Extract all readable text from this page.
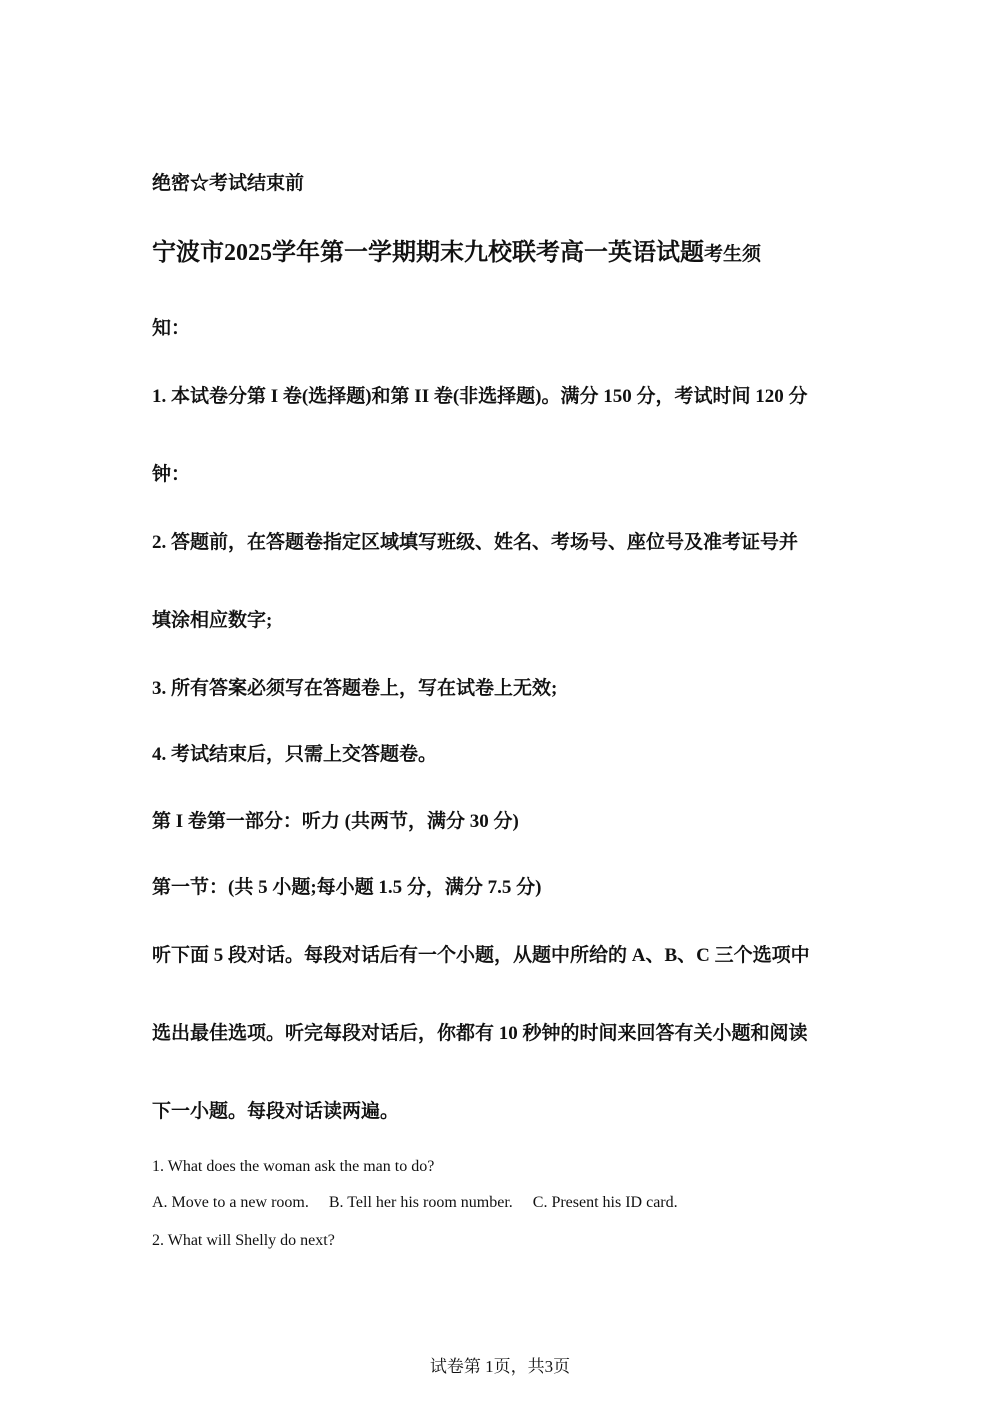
绝密☆考试结束前
宁波市2025学年第一学期期末九校联考高一英语试题考生须
知：
1. 本试卷分第 I 卷(选择题)和第 II 卷(非选择题)。满分 150 分，考试时间 120 分
钟：
2. 答题前，在答题卷指定区域填写班级、姓名、考场号、座位号及准考证号并
填涂相应数字;
3. 所有答案必须写在答题卷上，写在试卷上无效;
4. 考试结束后，只需上交答题卷。
第 I 卷第一部分：听力 (共两节，满分 30 分)
第一节：(共 5 小题;每小题 1.5 分，满分 7.5 分)
听下面 5 段对话。每段对话后有一个小题，从题中所给的 A、B、C 三个选项中
选出最佳选项。听完每段对话后，你都有 10 秒钟的时间来回答有关小题和阅读
下一小题。每段对话读两遍。
1. What does the woman ask the man to do?
A. Move to a new room. B. Tell her his room number. C. Present his ID card.
2. What will Shelly do next?
试卷第 1页，共3页
